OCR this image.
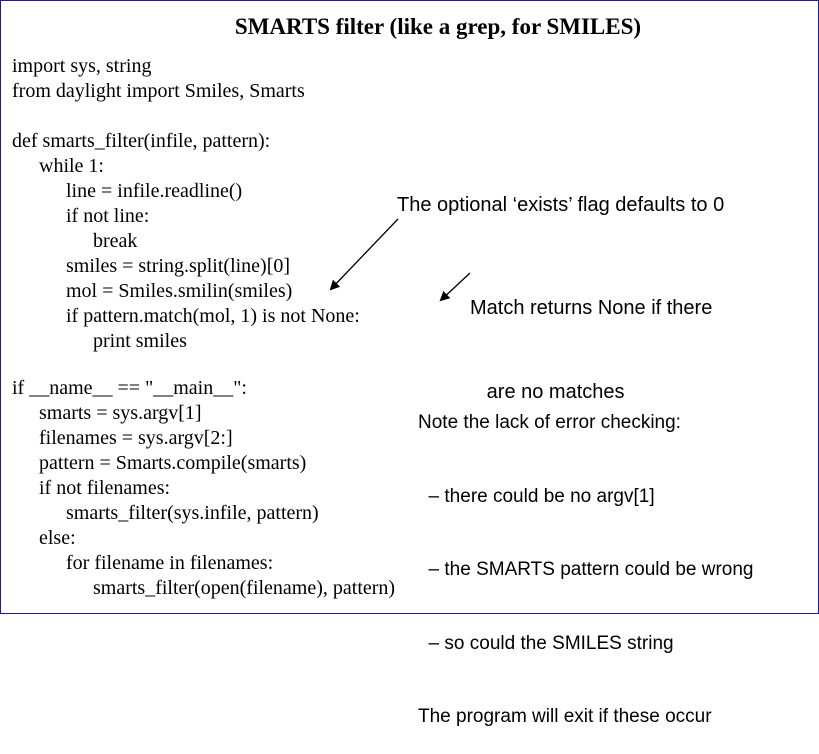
SMARTS filter (like a grep, for SMILES)
import sys, string
from daylight import Smiles, Smarts
def smarts_filter(infile, pattern):
while 1:
line = infile.readline()
if not line:
break
smiles = string.split(line)[0]
mol = Smiles.smilin(smiles)
if pattern.match(mol, 1) is not None:
print smiles
if __name__ == "__main__":
smarts = sys.argv[1]
filenames = sys.argv[2:]
pattern = Smarts.compile(smarts)
if not filenames:
smarts_filter(sys.infile, pattern)
else:
for filename in filenames:
smarts_filter(open(filename), pattern)
The optional ‘exists’ flag defaults to 0

Match returns None if there

are no matches

Note the lack of error checking:

– there could be no argv[1]

– the SMARTS pattern could be wrong

– so could the SMILES string

The program will exit if these occur
